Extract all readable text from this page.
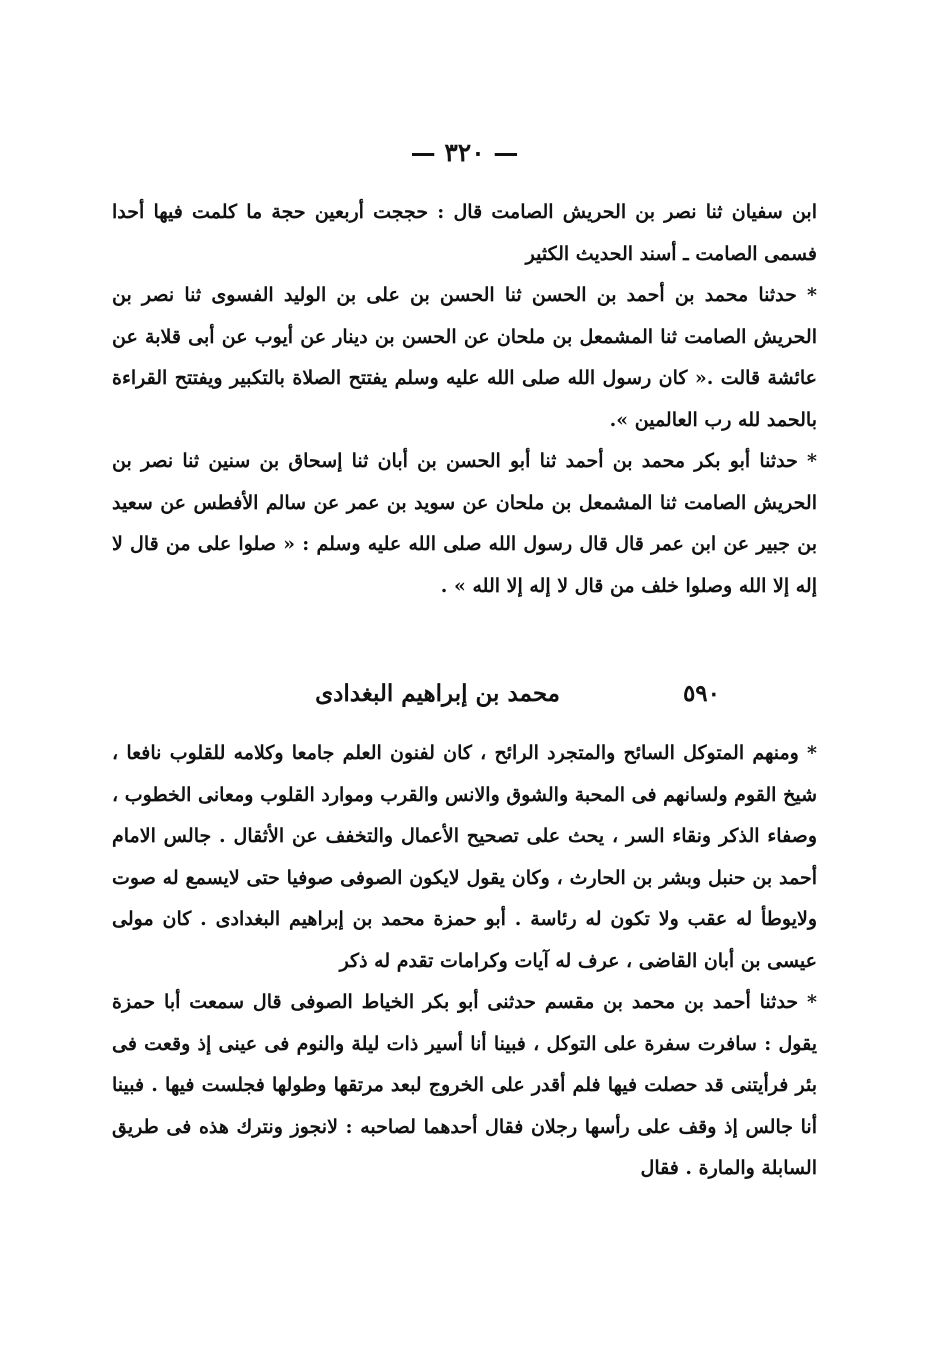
— ٣٢٠ —

ابن سفيان ثنا نصر بن الحريش الصامت قال : حججت أربعين حجة ما كلمت فيها أحدا فسمى الصامت ـ أسند الحديث الكثير

* حدثنا محمد بن أحمد بن الحسن ثنا الحسن بن على بن الوليد الفسوى ثنا نصر بن الحريش الصامت ثنا المشمعل بن ملحان عن الحسن بن دينار عن أيوب عن أبى قلابة عن عائشة قالت .« كان رسول الله صلى الله عليه وسلم يفتتح الصلاة بالتكبير ويفتتح القراءة بالحمد لله رب العالمين ».

* حدثنا أبو بكر محمد بن أحمد ثنا أبو الحسن بن أبان ثنا إسحاق بن سنين ثنا نصر بن الحريش الصامت ثنا المشمعل بن ملحان عن سويد بن عمر عن سالم الأفطس عن سعيد بن جبير عن ابن عمر قال قال رسول الله صلى الله عليه وسلم : « صلوا على من قال لا إله إلا الله وصلوا خلف من قال لا إله إلا الله » .

٥٩٠
محمد بن إبراهيم البغدادى

* ومنهم المتوكل السائح والمتجرد الرائح ، كان لفنون العلم جامعا وكلامه للقلوب نافعا ، شيخ القوم ولسانهم فى المحبة والشوق والانس والقرب وموارد القلوب ومعانى الخطوب ، وصفاء الذكر ونقاء السر ، يحث على تصحيح الأعمال والتخفف عن الأثقال . جالس الامام أحمد بن حنبل وبشر بن الحارث ، وكان يقول لايكون الصوفى صوفيا حتى لايسمع له صوت ولايوطأ له عقب ولا تكون له رئاسة . أبو حمزة محمد بن إبراهيم البغدادى . كان مولى عيسى بن أبان القاضى ، عرف له آيات وكرامات تقدم له ذكر

* حدثنا أحمد بن محمد بن مقسم حدثنى أبو بكر الخياط الصوفى قال سمعت أبا حمزة يقول : سافرت سفرة على التوكل ، فبينا أنا أسير ذات ليلة والنوم فى عينى إذ وقعت فى بئر فرأيتنى قد حصلت فيها فلم أقدر على الخروج لبعد مرتقها وطولها فجلست فيها . فبينا أنا جالس إذ وقف على رأسها رجلان فقال أحدهما لصاحبه : لانجوز ونترك هذه فى طريق السابلة والمارة . فقال
